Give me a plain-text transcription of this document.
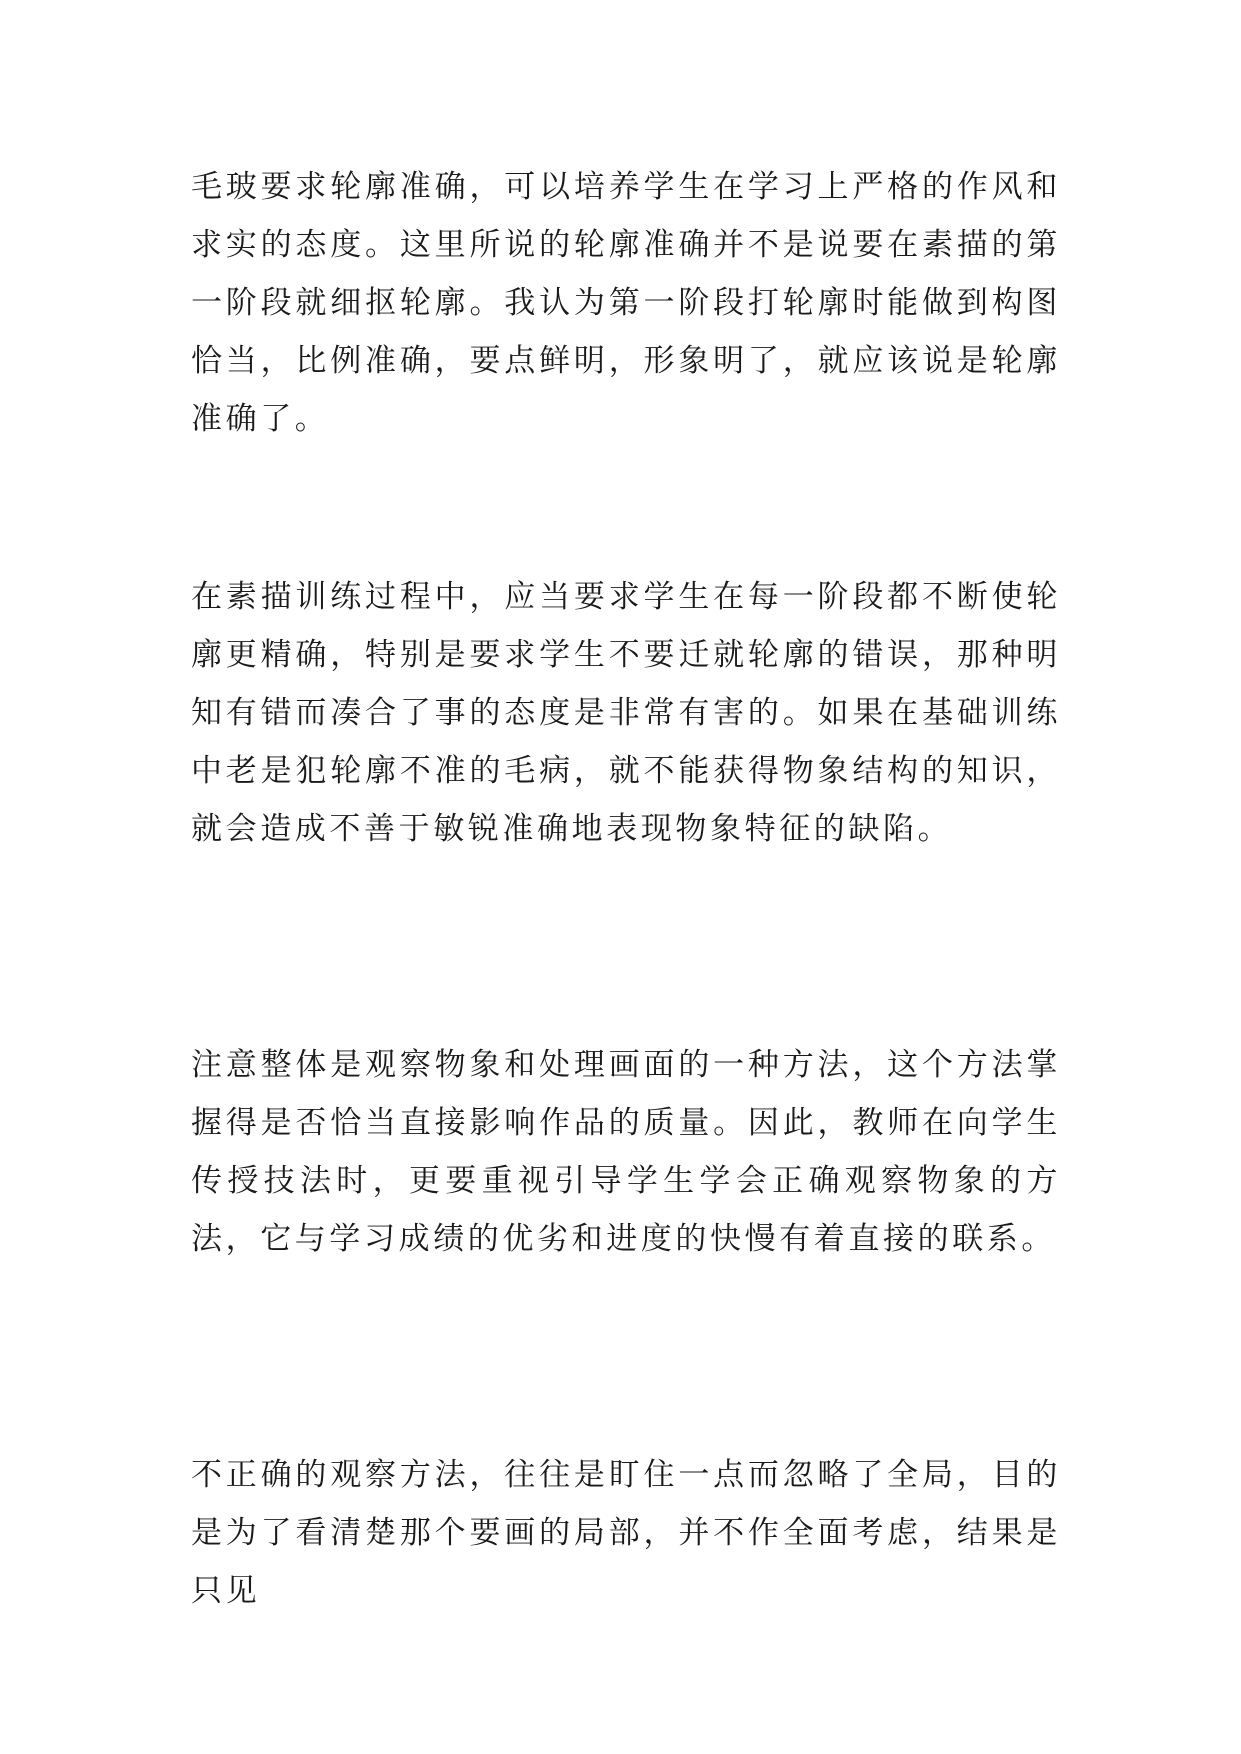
毛玻要求轮廓准确，可以培养学生在学习上严格的作风和求实的态度。这里所说的轮廓准确并不是说要在素描的第一阶段就细抠轮廓。我认为第一阶段打轮廓时能做到构图恰当，比例准确，要点鲜明，形象明了，就应该说是轮廓准确了。

在素描训练过程中，应当要求学生在每一阶段都不断使轮廓更精确，特别是要求学生不要迁就轮廓的错误，那种明知有错而凑合了事的态度是非常有害的。如果在基础训练中老是犯轮廓不准的毛病，就不能获得物象结构的知识，就会造成不善于敏锐准确地表现物象特征的缺陷。

注意整体是观察物象和处理画面的一种方法，这个方法掌握得是否恰当直接影响作品的质量。因此，教师在向学生传授技法时，更要重视引导学生学会正确观察物象的方法，它与学习成绩的优劣和进度的快慢有着直接的联系。

不正确的观察方法，往往是盯住一点而忽略了全局，目的是为了看清楚那个要画的局部，并不作全面考虑，结果是只见
